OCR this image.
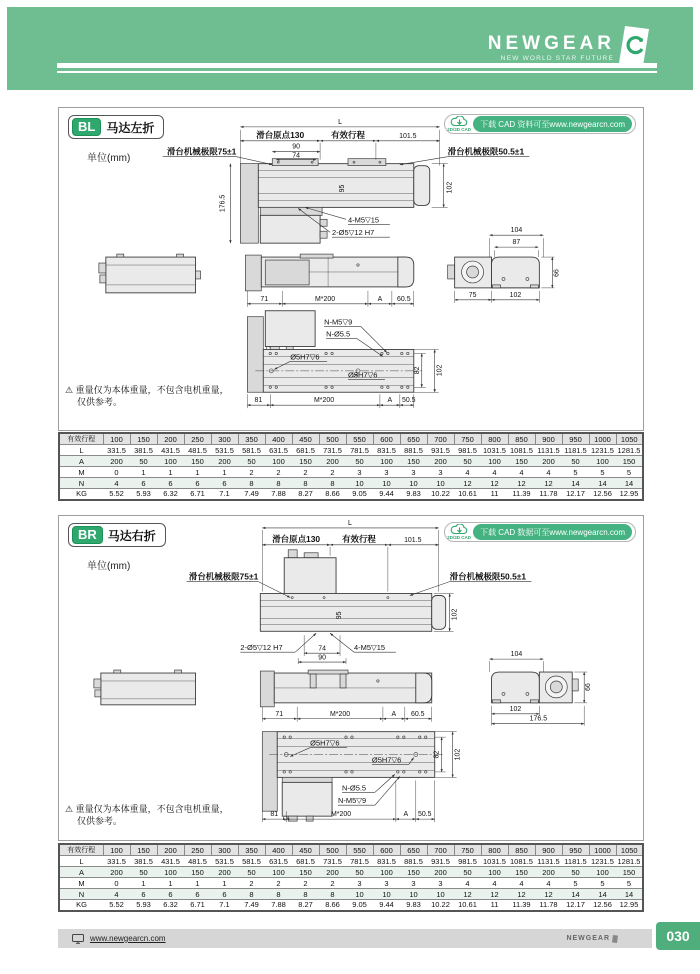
NEWGEAR
NEW WORLD STAR FUTURE
BL 马达左折
单位(mm)
2D/3D CAD
下载 CAD 资料可至www.newgearcn.com
L
滑台原点130	有效行程	101.5
90
74
滑台机械极限75±1	滑台机械极限50.5±1
176.5
95	102
4-M5▽15
2-Ø5▽12 H7	104
87
66
75	102
71	M*200	A 60.5
N-M5▽9
N-Ø5.5
Ø5H7▽6
Ø5H7▽6	82 102
81	M*200	A 50.5
⚠ 重量仅为本体重量，不包含电机重量，
仅供参考。
有效行程	100	150	200	250	300	350	400	450	500	550	600	650	700	750	800	850	900	950	1000	1050
L	331.5	381.5	431.5	481.5	531.5	581.5	631.5	681.5	731.5	781.5	831.5	881.5	931.5	981.5	1031.5	1081.5	1131.5	1181.5	1231.5	1281.5
A	200	50	100	150	200	50	100	150	200	50	100	150	200	50	100	150	200	50	100	150
M	0	1	1	1	1	2	2	2	2	3	3	3	3	4	4	4	4	5	5	5
N	4	6	6	6	6	8	8	8	8	10	10	10	10	12	12	12	12	14	14	14
KG	5.52	5.93	6.32	6.71	7.1	7.49	7.88	8.27	8.66	9.05	9.44	9.83	10.22	10.61	11	11.39	11.78	12.17	12.56	12.95
BR 马达右折
单位(mm)
2D/3D CAD
下载 CAD 数据可至www.newgearcn.com
L
滑台原点130	有效行程	101.5
滑台机械极限75±1	滑台机械极限50.5±1
95	102
2-Ø5▽12 H7	74
90
4-M5▽15
104
66
102
176.5
71	M*200	A 60.5
Ø5H7▽6
Ø5H7▽6
82 102
N-Ø5.5
N-M5▽9
81	M*200	A 50.5
⚠ 重量仅为本体重量，不包含电机重量，
仅供参考。
有效行程	100	150	200	250	300	350	400	450	500	550	600	650	700	750	800	850	900	950	1000	1050
L	331.5	381.5	431.5	481.5	531.5	581.5	631.5	681.5	731.5	781.5	831.5	881.5	931.5	981.5	1031.5	1081.5	1131.5	1181.5	1231.5	1281.5
A	200	50	100	150	200	50	100	150	200	50	100	150	200	50	100	150	200	50	100	150
M	0	1	1	1	1	2	2	2	2	3	3	3	3	4	4	4	4	5	5	5
N	4	6	6	6	6	8	8	8	8	10	10	10	10	12	12	12	12	14	14	14
KG	5.52	5.93	6.32	6.71	7.1	7.49	7.88	8.27	8.66	9.05	9.44	9.83	10.22	10.61	11	11.39	11.78	12.17	12.56	12.95
www.newgearcn.com	NEWGEAR	030
